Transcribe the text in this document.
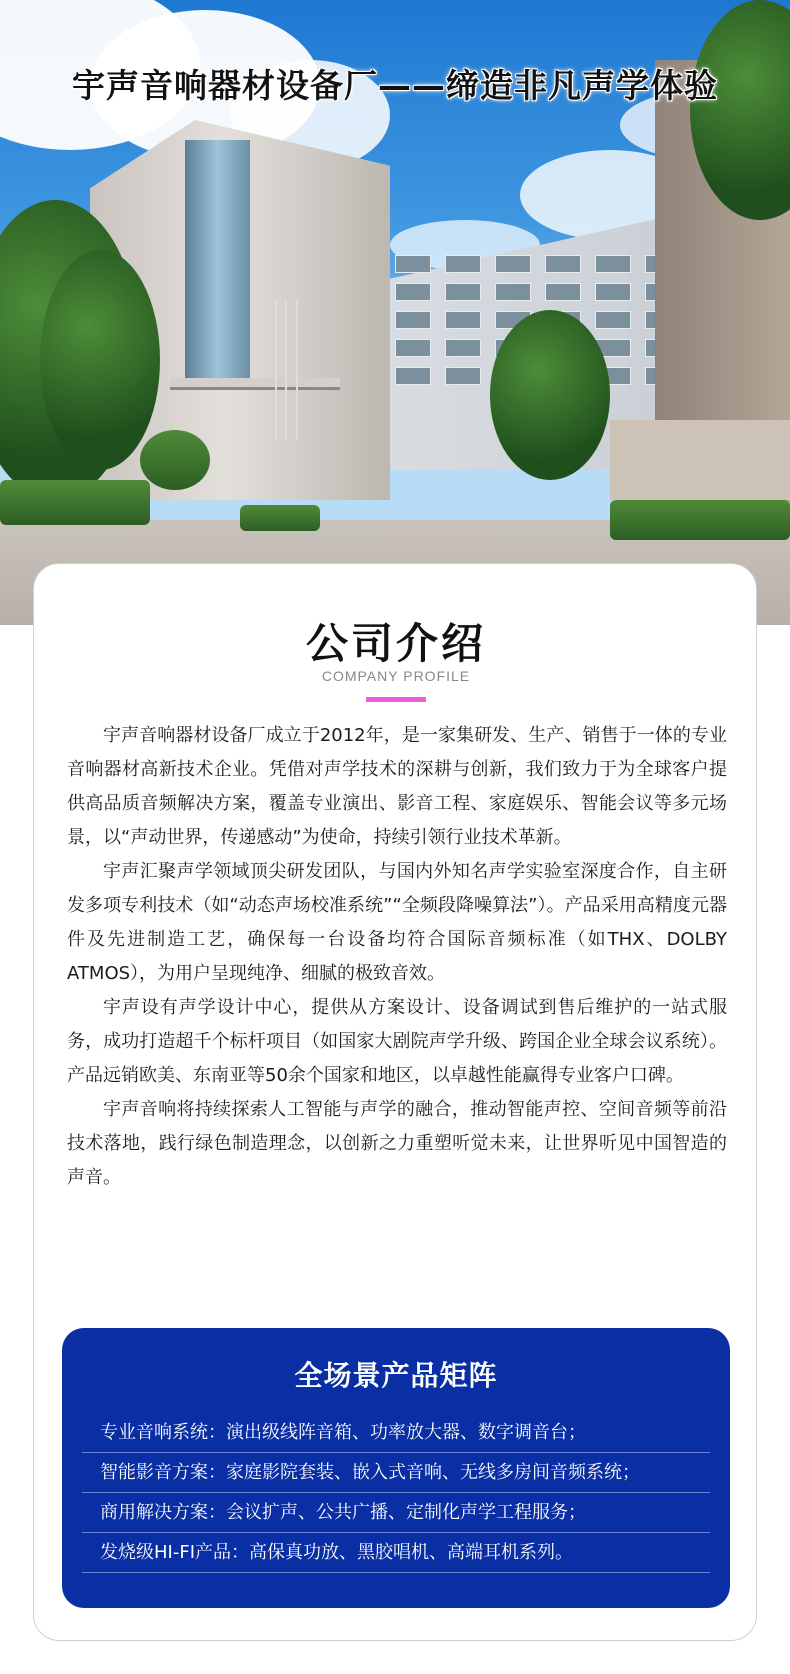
宇声音响器材设备厂——缔造非凡声学体验
公司介绍
COMPANY PROFILE

宇声音响器材设备厂成立于2012年，是一家集研发、生产、销售于一体的专业音响器材高新技术企业。凭借对声学技术的深耕与创新，我们致力于为全球客户提供高品质音频解决方案，覆盖专业演出、影音工程、家庭娱乐、智能会议等多元场景，以“声动世界，传递感动”为使命，持续引领行业技术革新。

宇声汇聚声学领域顶尖研发团队，与国内外知名声学实验室深度合作，自主研发多项专利技术（如“动态声场校准系统”“全频段降噪算法”）。产品采用高精度元器件及先进制造工艺，确保每一台设备均符合国际音频标准（如THX、DOLBY ATMOS），为用户呈现纯净、细腻的极致音效。

宇声设有声学设计中心，提供从方案设计、设备调试到售后维护的一站式服务，成功打造超千个标杆项目（如国家大剧院声学升级、跨国企业全球会议系统）。产品远销欧美、东南亚等50余个国家和地区，以卓越性能赢得专业客户口碑。

宇声音响将持续探索人工智能与声学的融合，推动智能声控、空间音频等前沿技术落地，践行绿色制造理念，以创新之力重塑听觉未来，让世界听见中国智造的声音。

全场景产品矩阵
专业音响系统：演出级线阵音箱、功率放大器、数字调音台；
智能影音方案：家庭影院套装、嵌入式音响、无线多房间音频系统；
商用解决方案：会议扩声、公共广播、定制化声学工程服务；
发烧级HI-FI产品：高保真功放、黑胶唱机、高端耳机系列。
